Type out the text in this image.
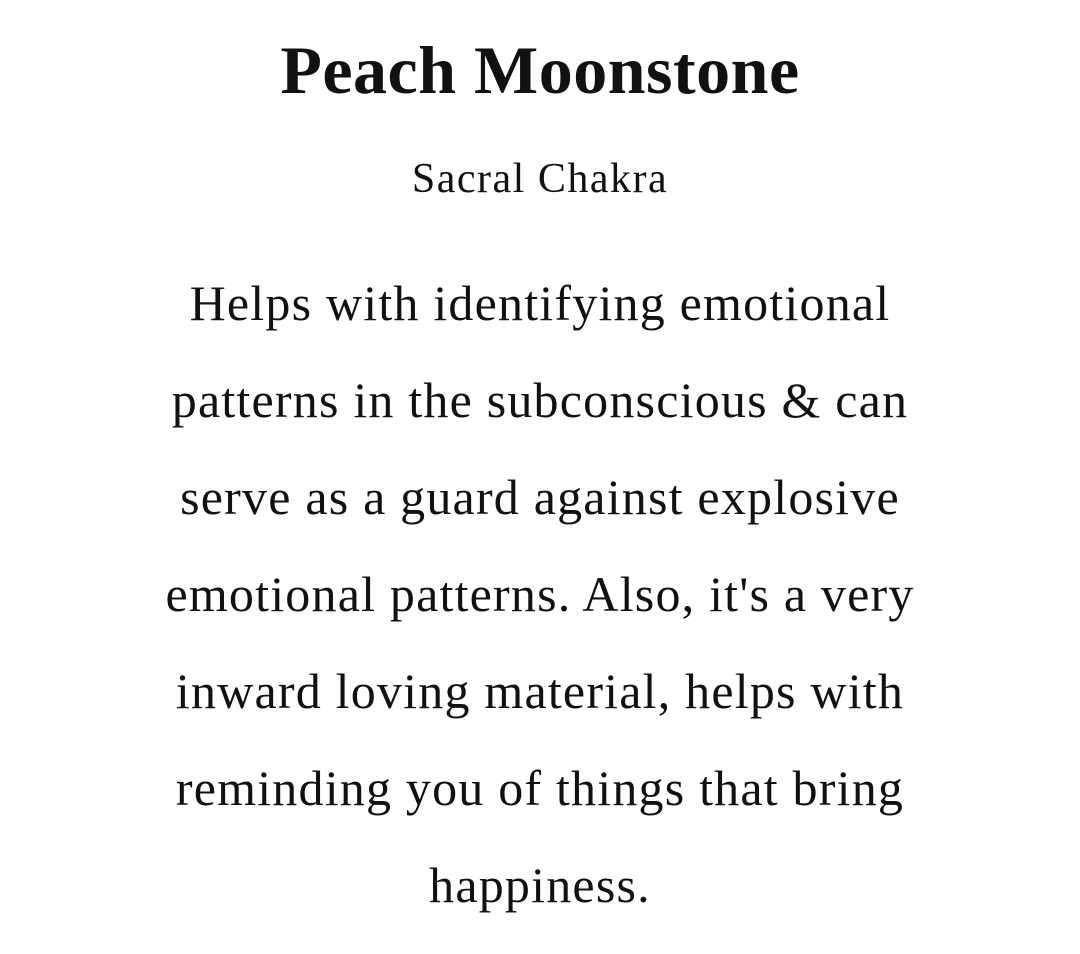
Peach Moonstone

Sacral Chakra

Helps with identifying emotional
patterns in the subconscious & can
serve as a guard against explosive
emotional patterns. Also, it's a very
inward loving material, helps with
reminding you of things that bring
happiness.
